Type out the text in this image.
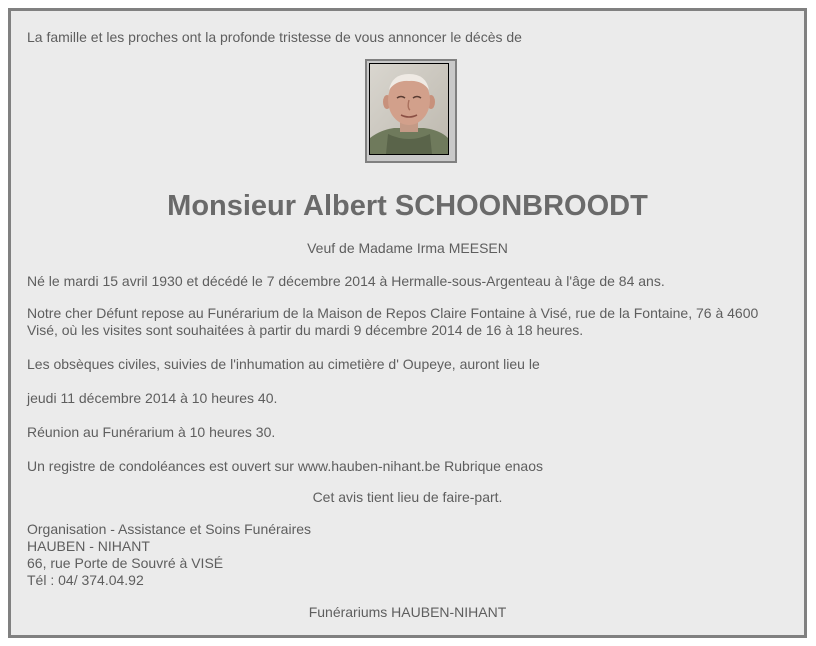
La famille et les proches ont la profonde tristesse de vous annoncer le décès de

Monsieur Albert SCHOONBROODT

Veuf de Madame Irma MEESEN

Né le mardi 15 avril 1930 et décédé le 7 décembre 2014 à Hermalle-sous-Argenteau à l'âge de 84 ans.

Notre cher Défunt repose au Funérarium de la Maison de Repos Claire Fontaine à Visé, rue de la Fontaine, 76 à 4600 Visé, où les visites sont souhaitées à partir du mardi 9 décembre 2014 de 16 à 18 heures.

Les obsèques civiles, suivies de l'inhumation au cimetière d' Oupeye, auront lieu le

jeudi 11 décembre 2014 à 10 heures 40.

Réunion au Funérarium à 10 heures 30.

Un registre de condoléances est ouvert sur www.hauben-nihant.be Rubrique enaos

Cet avis tient lieu de faire-part.

Organisation - Assistance et Soins Funéraires
HAUBEN - NIHANT
66, rue Porte de Souvré à VISÉ
Tél : 04/ 374.04.92

Funérariums HAUBEN-NIHANT
